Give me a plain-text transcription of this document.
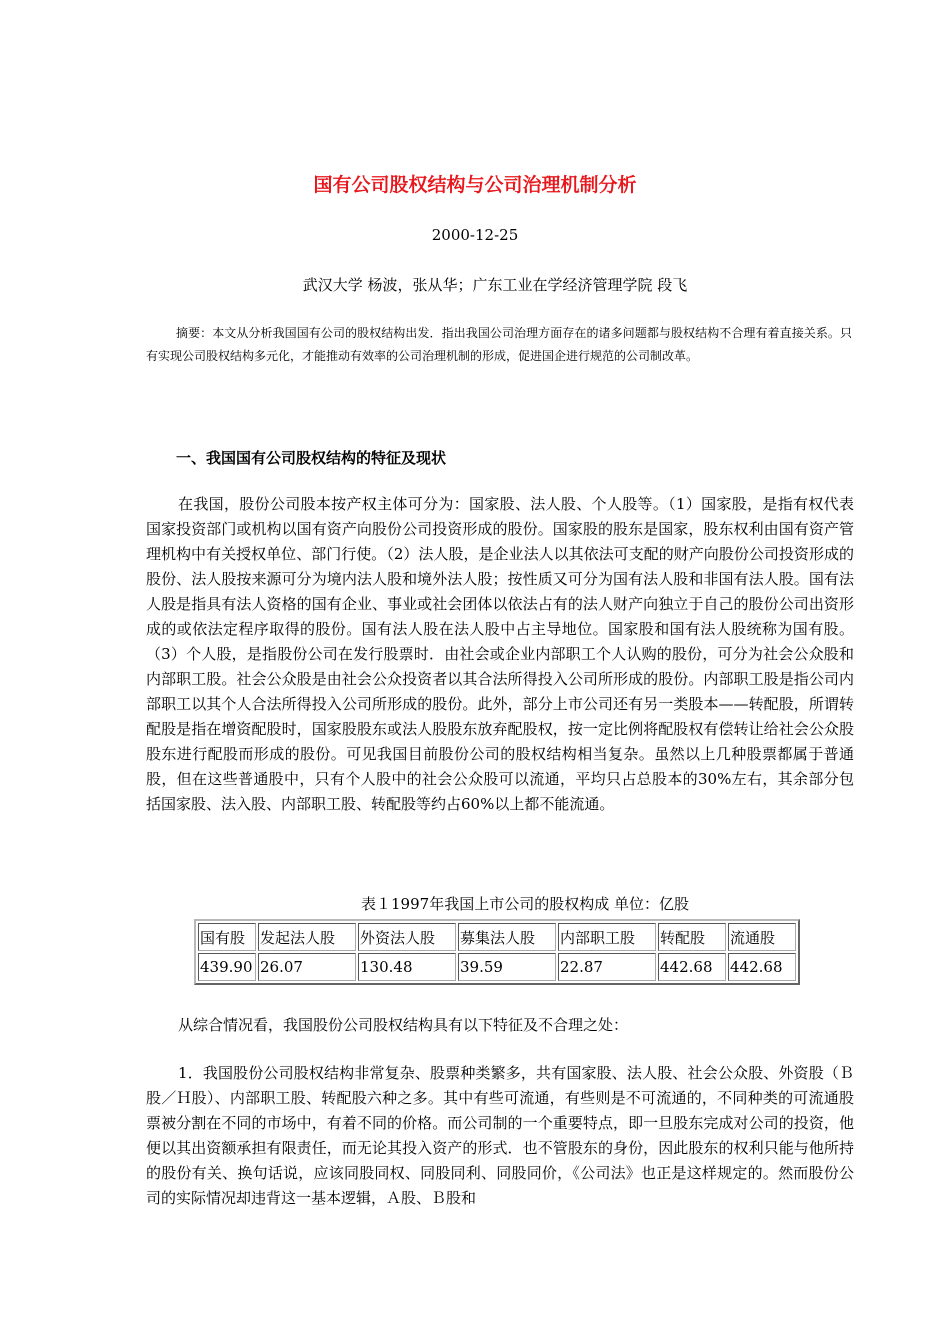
国有公司股权结构与公司治理机制分析
2000-12-25
武汉大学 杨波，张从华；广东工业在学经济管理学院 段飞
摘要：本文从分析我国国有公司的股权结构出发．指出我国公司治理方面存在的诸多问题都与股权结构不合理有着直接关系。只有实现公司股权结构多元化，才能推动有效率的公司治理机制的形成，促进国企进行规范的公司制改革。
一、我国国有公司股权结构的特征及现状

在我国，股份公司股本按产权主体可分为：国家股、法人股、个人股等。（1）国家股，是指有权代表国家投资部门或机构以国有资产向股份公司投资形成的股份。国家股的股东是国家，股东权利由国有资产管理机构中有关授权单位、部门行使。（2）法人股，是企业法人以其依法可支配的财产向股份公司投资形成的股份、法人股按来源可分为境内法人股和境外法人股；按性质又可分为国有法人股和非国有法人股。国有法人股是指具有法人资格的国有企业、事业或社会团体以依法占有的法人财产向独立于自己的股份公司出资形成的或依法定程序取得的股份。国有法人股在法人股中占主导地位。国家股和国有法人股统称为国有股。（3）个人股，是指股份公司在发行股票时．由社会或企业内部职工个人认购的股份，可分为社会公众股和内部职工股。社会公众股是由社会公众投资者以其合法所得投入公司所形成的股份。内部职工股是指公司内部职工以其个人合法所得投入公司所形成的股份。此外，部分上市公司还有另一类股本——转配股，所谓转配股是指在增资配股时，国家股股东或法人股股东放弃配股权，按一定比例将配股权有偿转让给社会公众股股东进行配股而形成的股份。可见我国目前股份公司的股权结构相当复杂。虽然以上几种股票都属于普通股，但在这些普通股中，只有个人股中的社会公众股可以流通，平均只占总股本的30%左右，其余部分包括国家股、法入股、内部职工股、转配股等约占60%以上都不能流通。

表１1997年我国上市公司的股权构成 单位：亿股
国有股	发起法人股	外资法人股	募集法人股	内部职工股	转配股	流通股
439.90	26.07	130.48	39.59	22.87	442.68	442.68

从综合情况看，我国股份公司股权结构具有以下特征及不合理之处：

1．我国股份公司股权结构非常复杂、股票种类繁多，共有国家股、法人股、社会公众股、外资股（Ｂ股／Ｈ股）、内部职工股、转配股六种之多。其中有些可流通，有些则是不可流通的，不同种类的可流通股票被分割在不同的市场中，有着不同的价格。而公司制的一个重要特点，即一旦股东完成对公司的投资，他便以其出资额承担有限责任，而无论其投入资产的形式．也不管股东的身份，因此股东的权利只能与他所持的股份有关、换句话说，应该同股同权、同股同利、同股同价，《公司法》也正是这样规定的。然而股份公司的实际情况却违背这一基本逻辑，Ａ股、Ｂ股和
